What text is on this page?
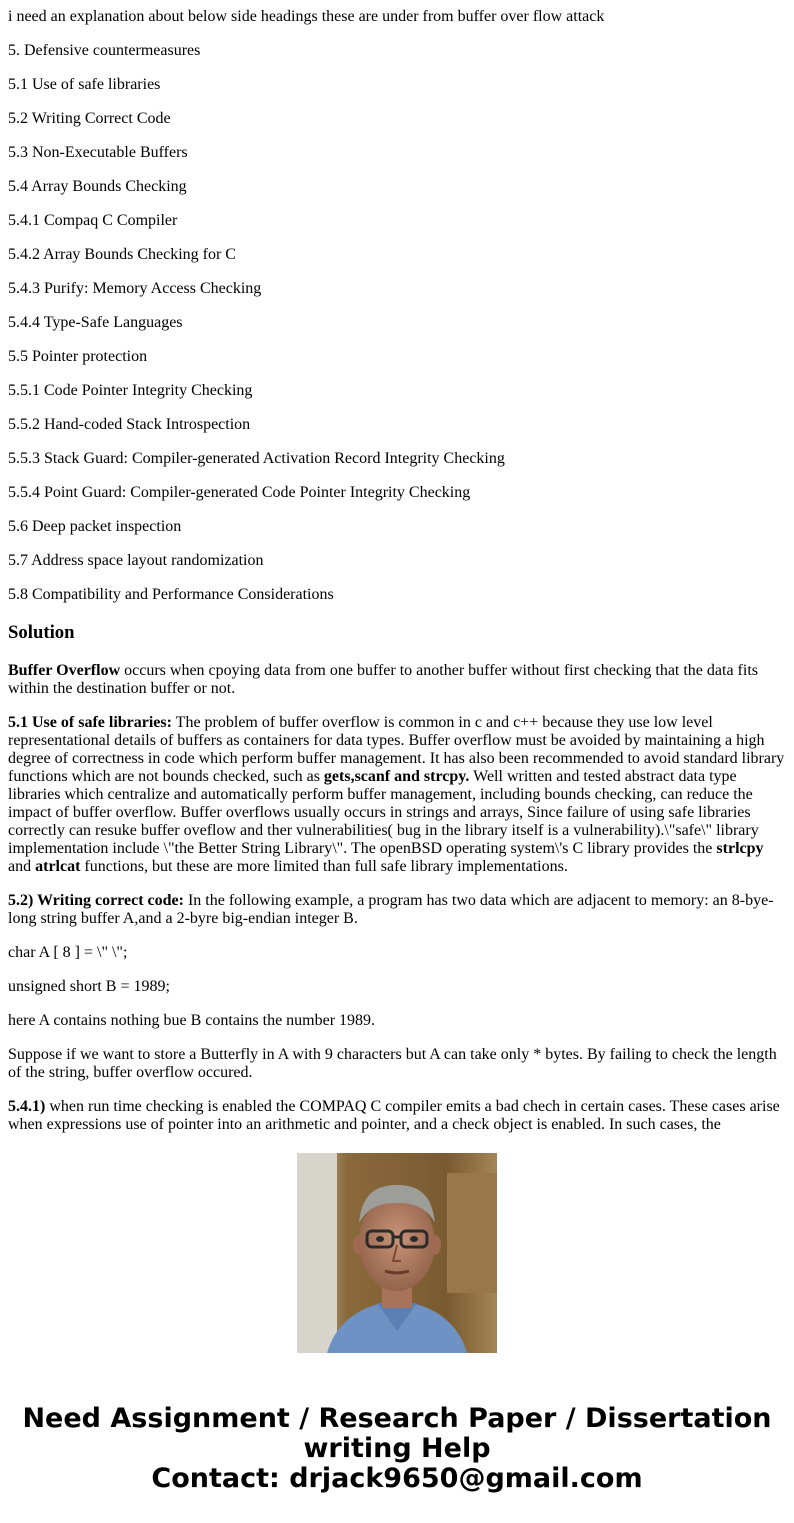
i need an explanation about below side headings these are under from buffer over flow attack

5. Defensive countermeasures

5.1 Use of safe libraries

5.2 Writing Correct Code

5.3 Non-Executable Buffers

5.4 Array Bounds Checking

5.4.1 Compaq C Compiler

5.4.2 Array Bounds Checking for C

5.4.3 Purify: Memory Access Checking

5.4.4 Type-Safe Languages

5.5 Pointer protection

5.5.1 Code Pointer Integrity Checking

5.5.2 Hand-coded Stack Introspection

5.5.3 Stack Guard: Compiler-generated Activation Record Integrity Checking

5.5.4 Point Guard: Compiler-generated Code Pointer Integrity Checking

5.6 Deep packet inspection

5.7 Address space layout randomization

5.8 Compatibility and Performance Considerations

Solution

Buffer Overflow occurs when cpoying data from one buffer to another buffer without first checking that the data fits within the destination buffer or not.

5.1 Use of safe libraries: The problem of buffer overflow is common in c and c++ because they use low level representational details of buffers as containers for data types. Buffer overflow must be avoided by maintaining a high degree of correctness in code which perform buffer management. It has also been recommended to avoid standard library functions which are not bounds checked, such as gets,scanf and strcpy. Well written and tested abstract data type libraries which centralize and automatically perform buffer management, including bounds checking, can reduce the impact of buffer overflow. Buffer overflows usually occurs in strings and arrays, Since failure of using safe libraries correctly can resuke buffer oveflow and ther vulnerabilities( bug in the library itself is a vulnerability).\"safe\" library implementation include \"the Better String Library\". The openBSD operating system\'s C library provides the strlcpy and atrlcat functions, but these are more limited than full safe library implementations.

5.2) Writing correct code: In the following example, a program has two data which are adjacent to memory: an 8-bye-long string buffer A,and a 2-byre big-endian integer B.

char A [ 8 ] = \" \";

unsigned short B = 1989;

here A contains nothing bue B contains the number 1989.

Suppose if we want to store a Butterfly in A with 9 characters but A can take only * bytes. By failing to check the length of the string, buffer overflow occured.

5.4.1) when run time checking is enabled the COMPAQ C compiler emits a bad chech in certain cases. These cases arise when expressions use of pointer into an arithmetic and pointer, and a check object is enabled. In such cases, the

Need Assignment / Research Paper / Dissertation
writing Help
Contact: drjack9650@gmail.com
